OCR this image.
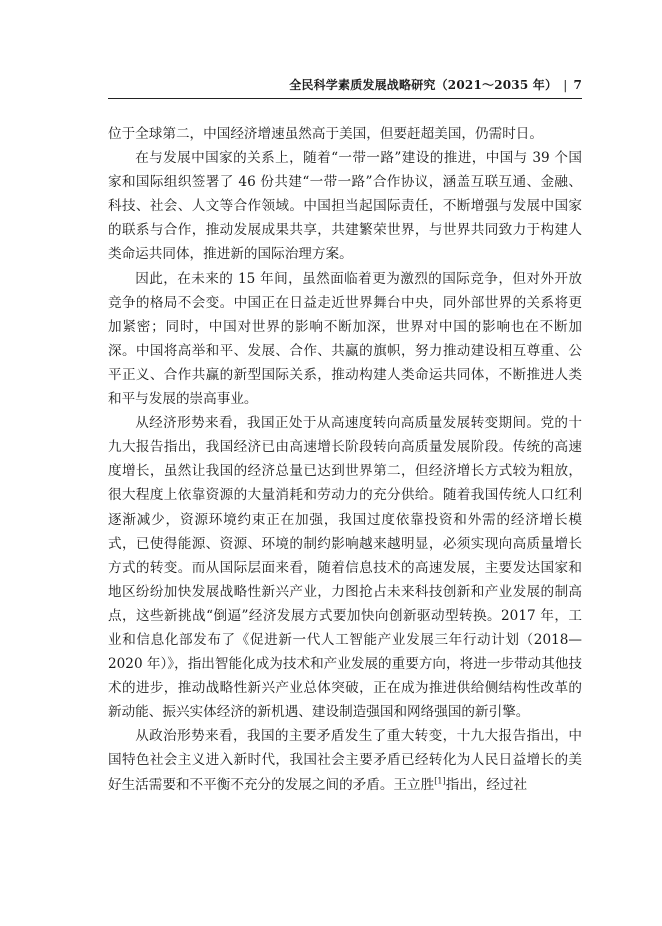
全民科学素质发展战略研究（2021～2035 年） | 7

位于全球第二，中国经济增速虽然高于美国，但要赶超美国，仍需时日。

在与发展中国家的关系上，随着“一带一路”建设的推进，中国与 39 个国家和国际组织签署了 46 份共建“一带一路”合作协议，涵盖互联互通、金融、科技、社会、人文等合作领域。中国担当起国际责任，不断增强与发展中国家的联系与合作，推动发展成果共享，共建繁荣世界，与世界共同致力于构建人类命运共同体，推进新的国际治理方案。

因此，在未来的 15 年间，虽然面临着更为激烈的国际竞争，但对外开放竞争的格局不会变。中国正在日益走近世界舞台中央，同外部世界的关系将更加紧密；同时，中国对世界的影响不断加深，世界对中国的影响也在不断加深。中国将高举和平、发展、合作、共赢的旗帜，努力推动建设相互尊重、公平正义、合作共赢的新型国际关系，推动构建人类命运共同体，不断推进人类和平与发展的崇高事业。

从经济形势来看，我国正处于从高速度转向高质量发展转变期间。党的十九大报告指出，我国经济已由高速增长阶段转向高质量发展阶段。传统的高速度增长，虽然让我国的经济总量已达到世界第二，但经济增长方式较为粗放，很大程度上依靠资源的大量消耗和劳动力的充分供给。随着我国传统人口红利逐渐减少，资源环境约束正在加强，我国过度依靠投资和外需的经济增长模式，已使得能源、资源、环境的制约影响越来越明显，必须实现向高质量增长方式的转变。而从国际层面来看，随着信息技术的高速发展，主要发达国家和地区纷纷加快发展战略性新兴产业，力图抢占未来科技创新和产业发展的制高点，这些新挑战“倒逼”经济发展方式要加快向创新驱动型转换。2017 年，工业和信息化部发布了《促进新一代人工智能产业发展三年行动计划（2018—2020 年）》，指出智能化成为技术和产业发展的重要方向，将进一步带动其他技术的进步，推动战略性新兴产业总体突破，正在成为推进供给侧结构性改革的新动能、振兴实体经济的新机遇、建设制造强国和网络强国的新引擎。

从政治形势来看，我国的主要矛盾发生了重大转变，十九大报告指出，中国特色社会主义进入新时代，我国社会主要矛盾已经转化为人民日益增长的美好生活需要和不平衡不充分的发展之间的矛盾。王立胜[1]指出，经过社
